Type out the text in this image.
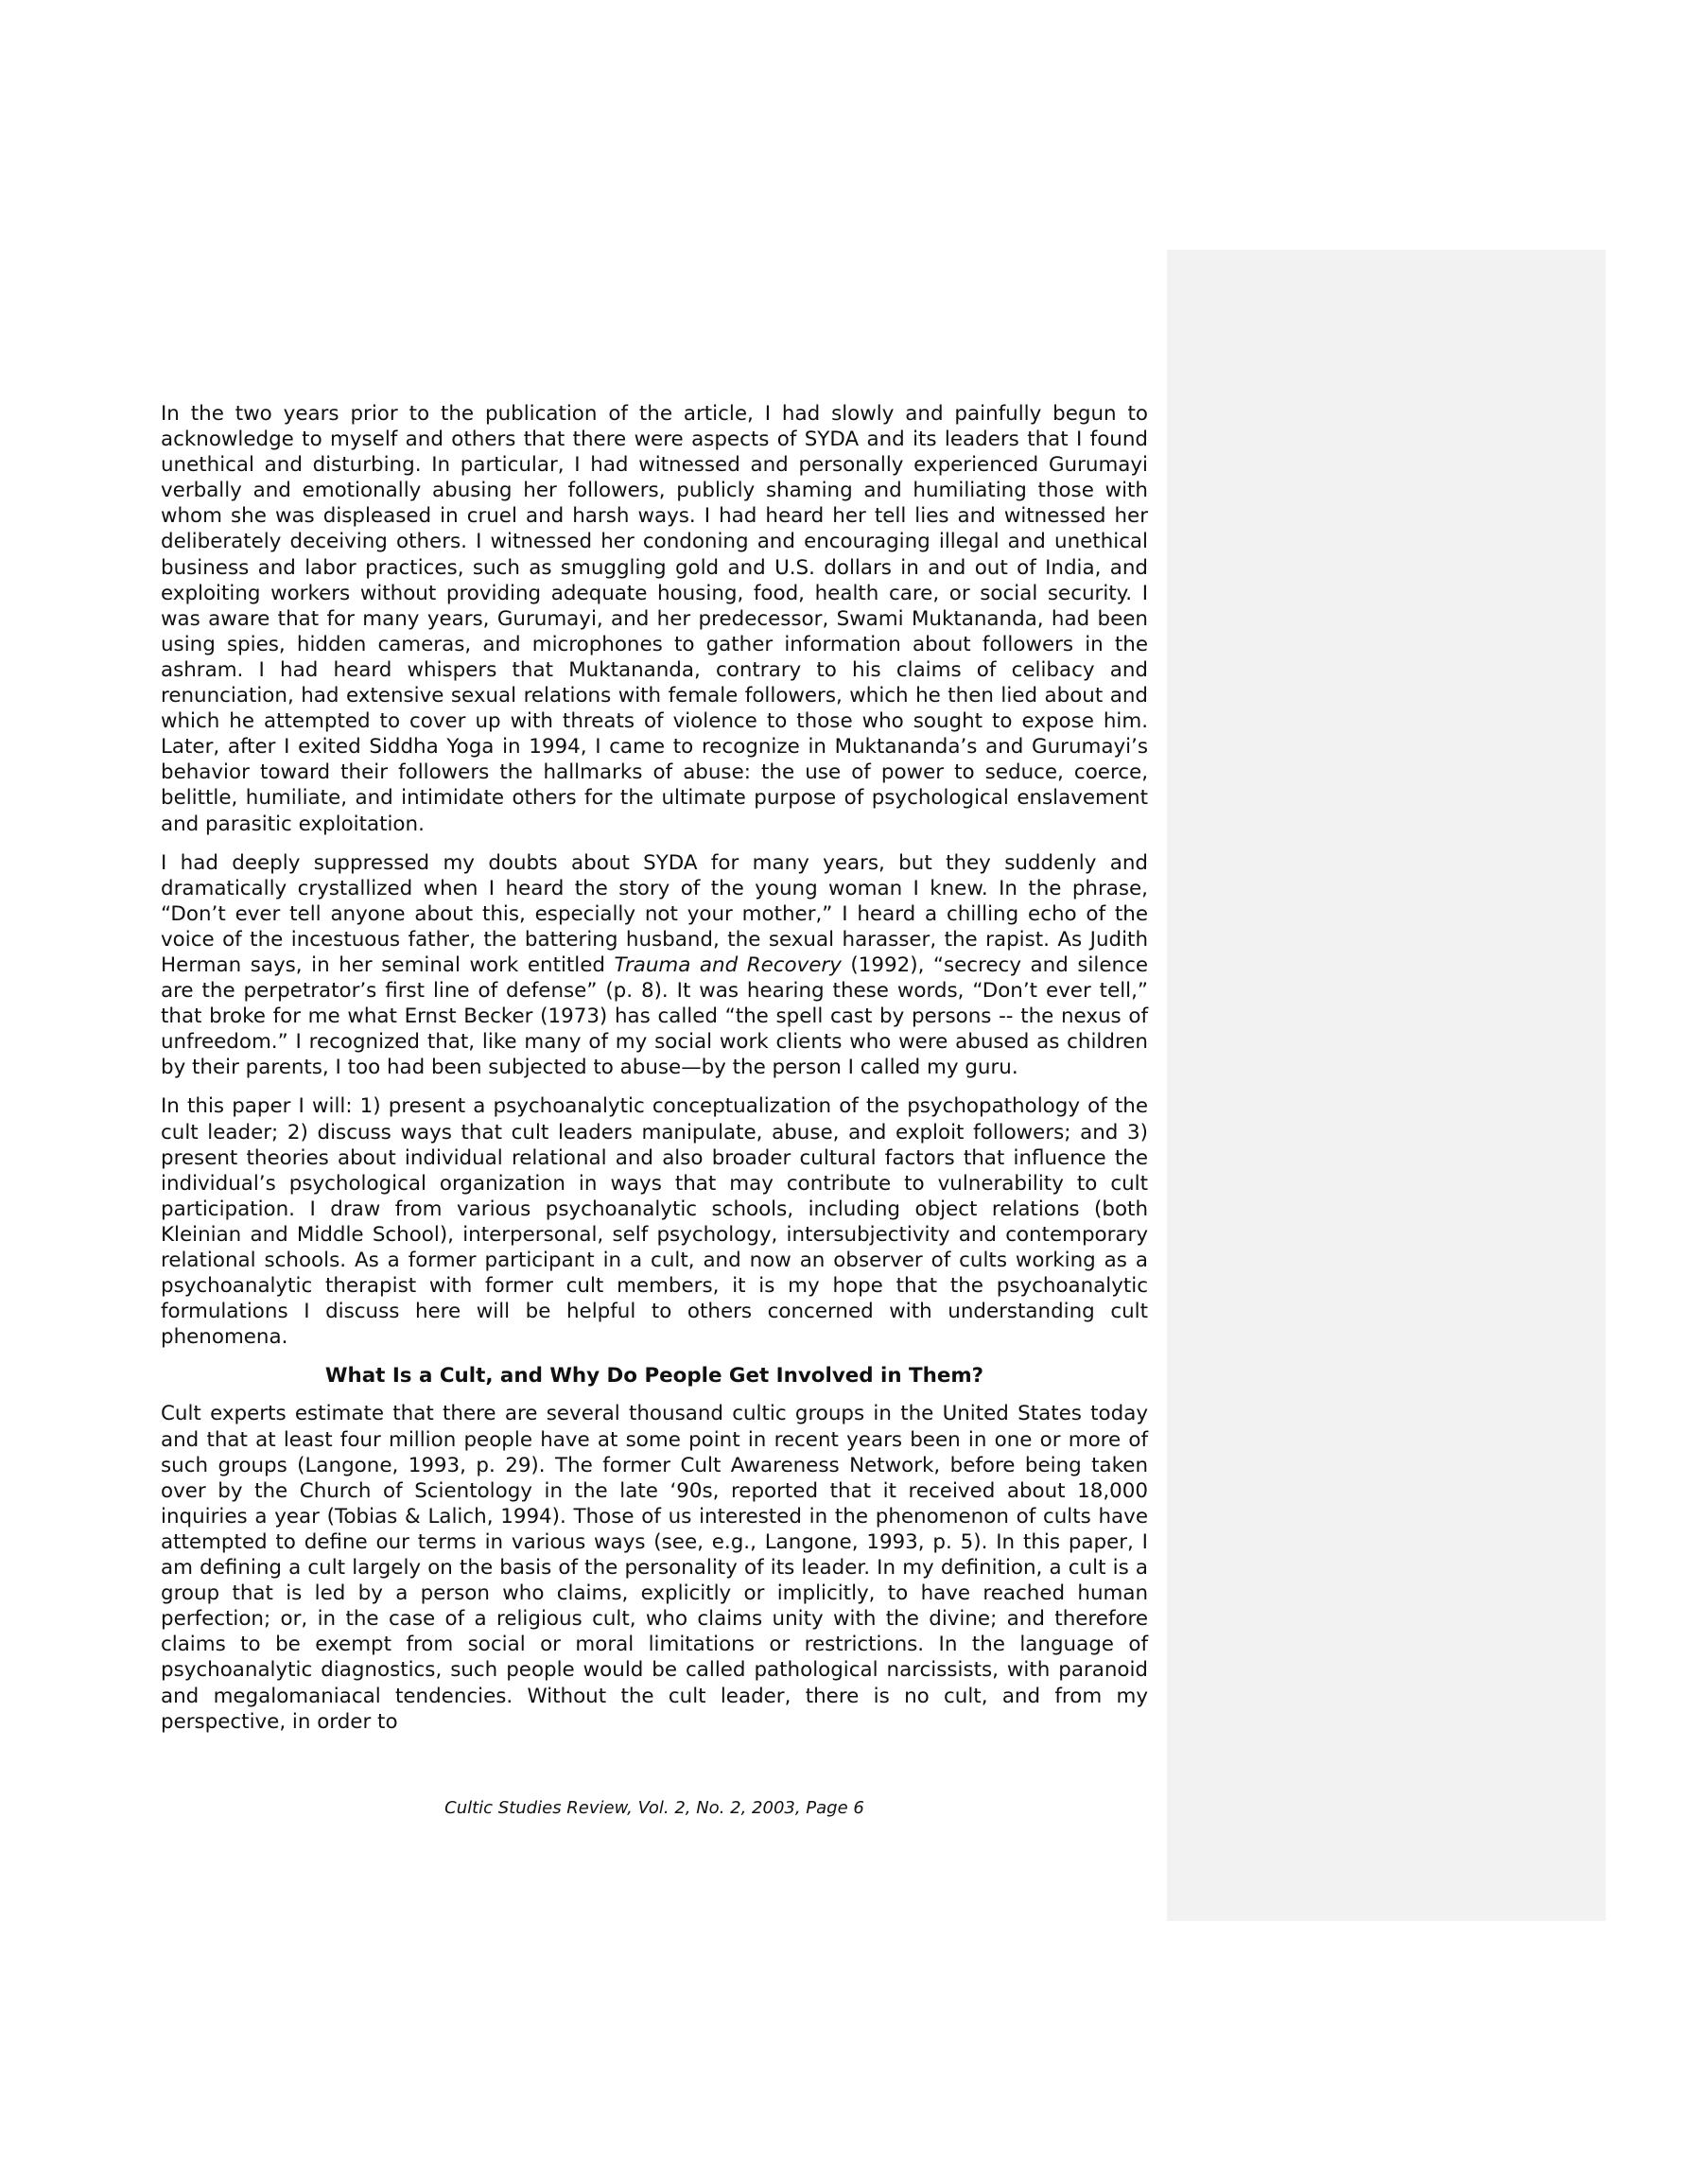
In the two years prior to the publication of the article, I had slowly and painfully begun to acknowledge to myself and others that there were aspects of SYDA and its leaders that I found unethical and disturbing. In particular, I had witnessed and personally experienced Gurumayi verbally and emotionally abusing her followers, publicly shaming and humiliating those with whom she was displeased in cruel and harsh ways. I had heard her tell lies and witnessed her deliberately deceiving others. I witnessed her condoning and encouraging illegal and unethical business and labor practices, such as smuggling gold and U.S. dollars in and out of India, and exploiting workers without providing adequate housing, food, health care, or social security. I was aware that for many years, Gurumayi, and her predecessor, Swami Muktananda, had been using spies, hidden cameras, and microphones to gather information about followers in the ashram. I had heard whispers that Muktananda, contrary to his claims of celibacy and renunciation, had extensive sexual relations with female followers, which he then lied about and which he attempted to cover up with threats of violence to those who sought to expose him. Later, after I exited Siddha Yoga in 1994, I came to recognize in Muktananda’s and Gurumayi’s behavior toward their followers the hallmarks of abuse: the use of power to seduce, coerce, belittle, humiliate, and intimidate others for the ultimate purpose of psychological enslavement and parasitic exploitation.

I had deeply suppressed my doubts about SYDA for many years, but they suddenly and dramatically crystallized when I heard the story of the young woman I knew. In the phrase, “Don’t ever tell anyone about this, especially not your mother,” I heard a chilling echo of the voice of the incestuous father, the battering husband, the sexual harasser, the rapist. As Judith Herman says, in her seminal work entitled Trauma and Recovery (1992), “secrecy and silence are the perpetrator’s first line of defense” (p. 8). It was hearing these words, “Don’t ever tell,” that broke for me what Ernst Becker (1973) has called “the spell cast by persons -- the nexus of unfreedom.” I recognized that, like many of my social work clients who were abused as children by their parents, I too had been subjected to abuse—by the person I called my guru.

In this paper I will: 1) present a psychoanalytic conceptualization of the psychopathology of the cult leader; 2) discuss ways that cult leaders manipulate, abuse, and exploit followers; and 3) present theories about individual relational and also broader cultural factors that influence the individual’s psychological organization in ways that may contribute to vulnerability to cult participation. I draw from various psychoanalytic schools, including object relations (both Kleinian and Middle School), interpersonal, self psychology, intersubjectivity and contemporary relational schools. As a former participant in a cult, and now an observer of cults working as a psychoanalytic therapist with former cult members, it is my hope that the psychoanalytic formulations I discuss here will be helpful to others concerned with understanding cult phenomena.

What Is a Cult, and Why Do People Get Involved in Them?

Cult experts estimate that there are several thousand cultic groups in the United States today and that at least four million people have at some point in recent years been in one or more of such groups (Langone, 1993, p. 29). The former Cult Awareness Network, before being taken over by the Church of Scientology in the late ‘90s, reported that it received about 18,000 inquiries a year (Tobias & Lalich, 1994). Those of us interested in the phenomenon of cults have attempted to define our terms in various ways (see, e.g., Langone, 1993, p. 5). In this paper, I am defining a cult largely on the basis of the personality of its leader. In my definition, a cult is a group that is led by a person who claims, explicitly or implicitly, to have reached human perfection; or, in the case of a religious cult, who claims unity with the divine; and therefore claims to be exempt from social or moral limitations or restrictions. In the language of psychoanalytic diagnostics, such people would be called pathological narcissists, with paranoid and megalomaniacal tendencies. Without the cult leader, there is no cult, and from my perspective, in order to

Cultic Studies Review, Vol. 2, No. 2, 2003, Page 6
